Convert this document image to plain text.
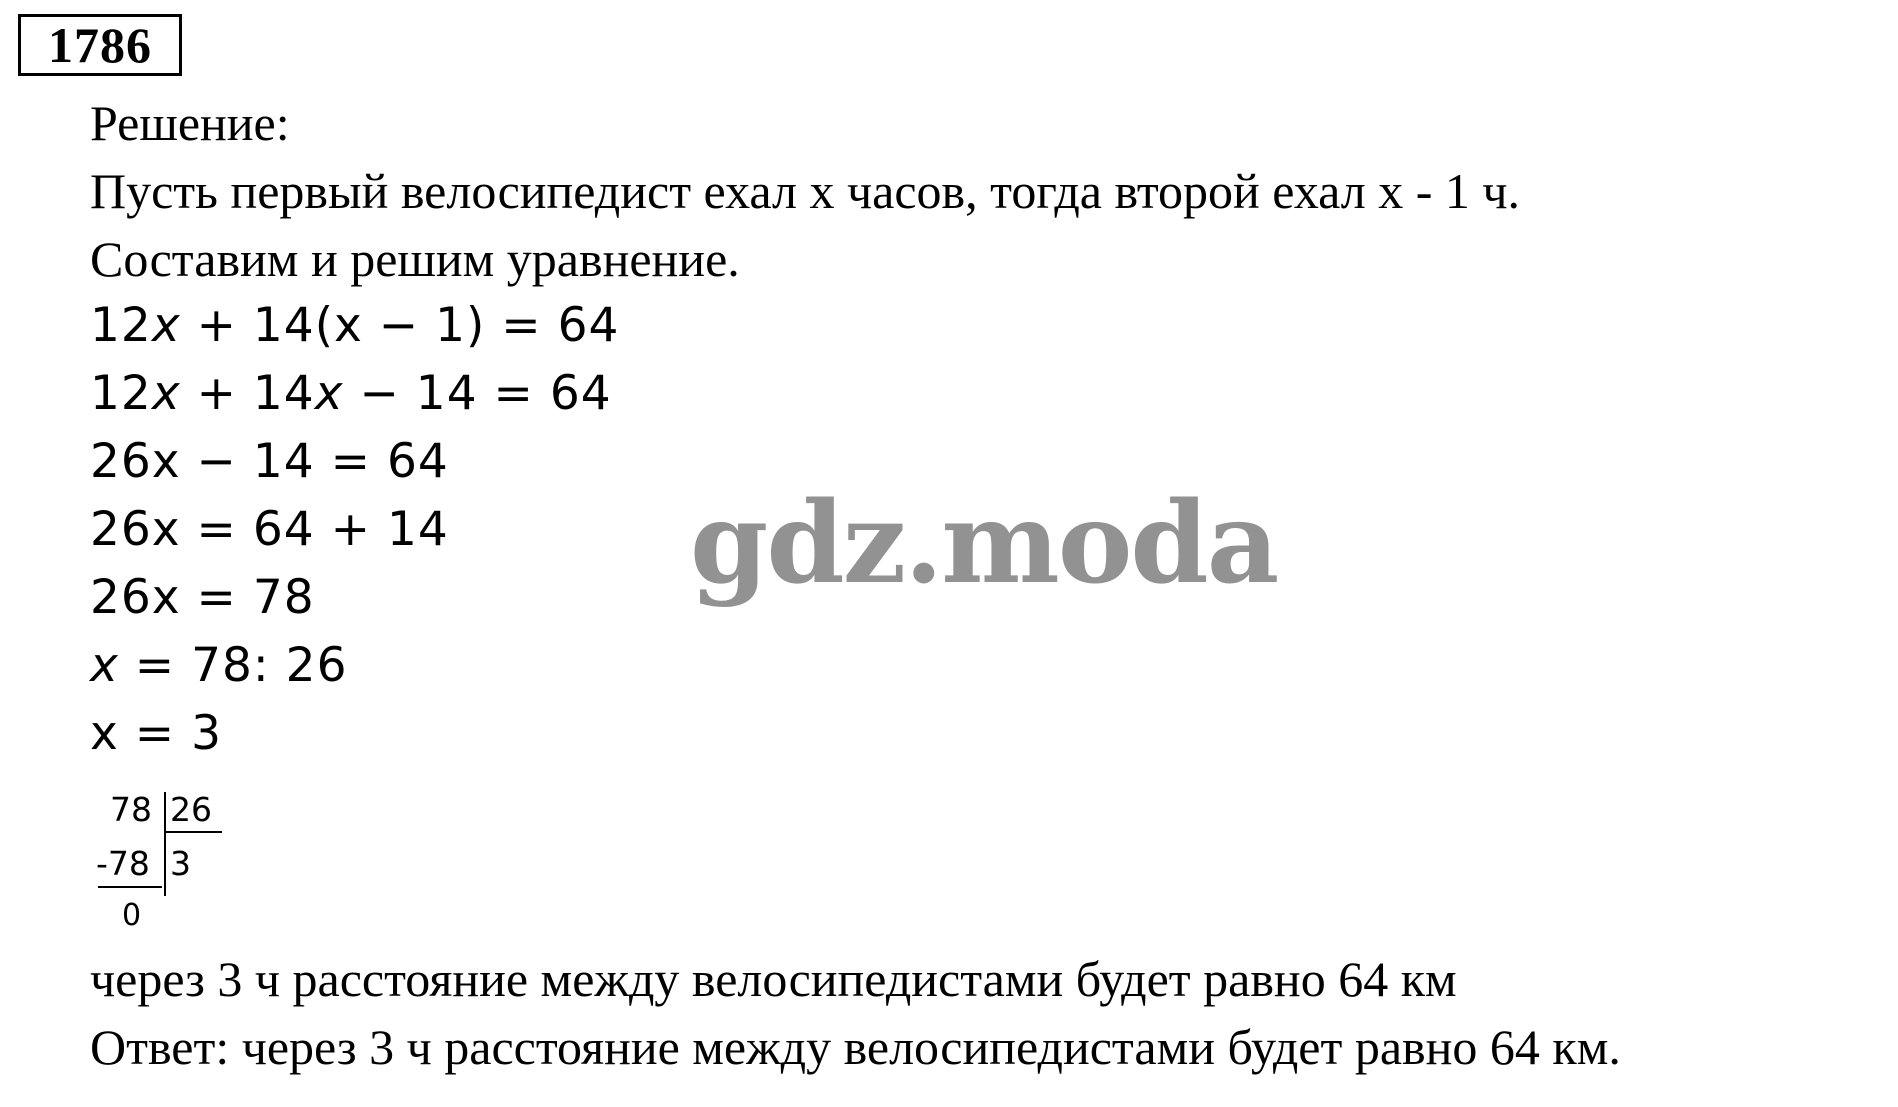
1786
Решение:
Пусть первый велосипедист ехал x часов, тогда второй ехал x - 1 ч.
Составим и решим уравнение.
12x + 14(x − 1) = 64
12x + 14x − 14 = 64
26x − 14 = 64
26x = 64 + 14
26x = 78
x = 78: 26
x = 3
78 26
-78 3
0
через 3 ч расстояние между велосипедистами будет равно 64 км
Ответ: через 3 ч расстояние между велосипедистами будет равно 64 км.
gdz.moda
